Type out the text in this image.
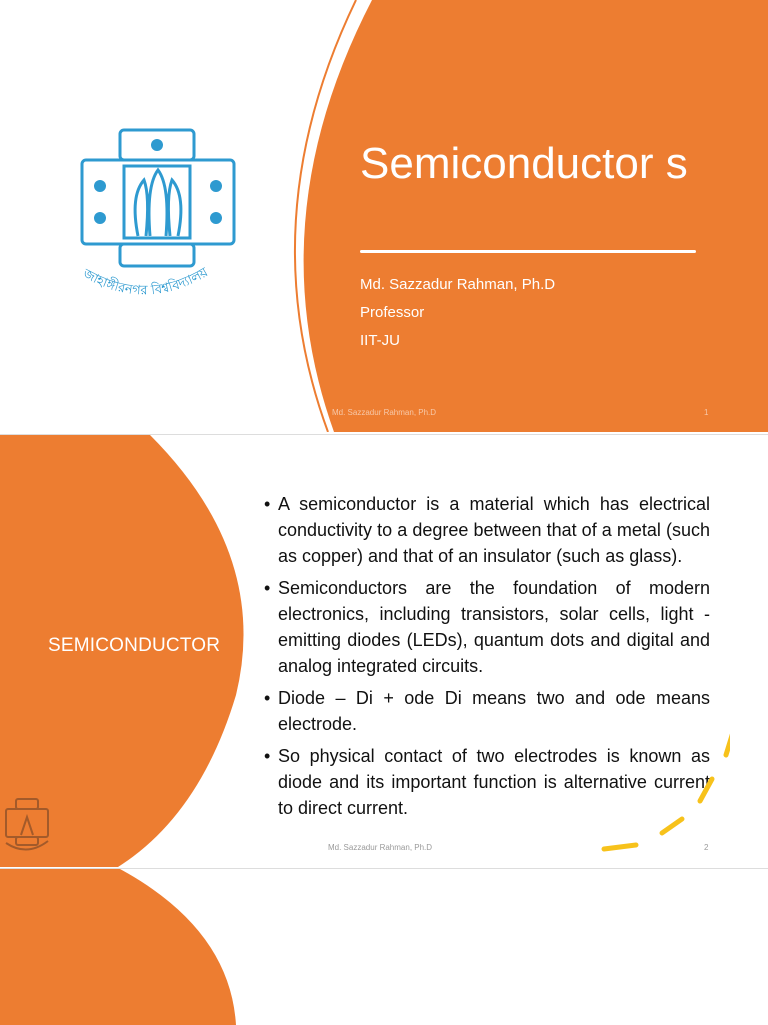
জাহাঙ্গীরনগর বিশ্ববিদ্যালয়
Semiconductor s
Md. Sazzadur Rahman, Ph.D
Professor
IIT-JU
Md. Sazzadur Rahman, Ph.D	1
SEMICONDUCTOR
• A semiconductor is a material which has electrical conductivity to a degree between that of a metal (such as copper) and that of an insulator (such as glass).
• Semiconductors are the foundation of modern electronics, including transistors, solar cells, light -emitting diodes (LEDs), quantum dots and digital and analog integrated circuits.
• Diode – Di + ode Di means two and ode means electrode.
• So physical contact of two electrodes is known as diode and its important function is alternative current to direct current.
Md. Sazzadur Rahman, Ph.D	2
